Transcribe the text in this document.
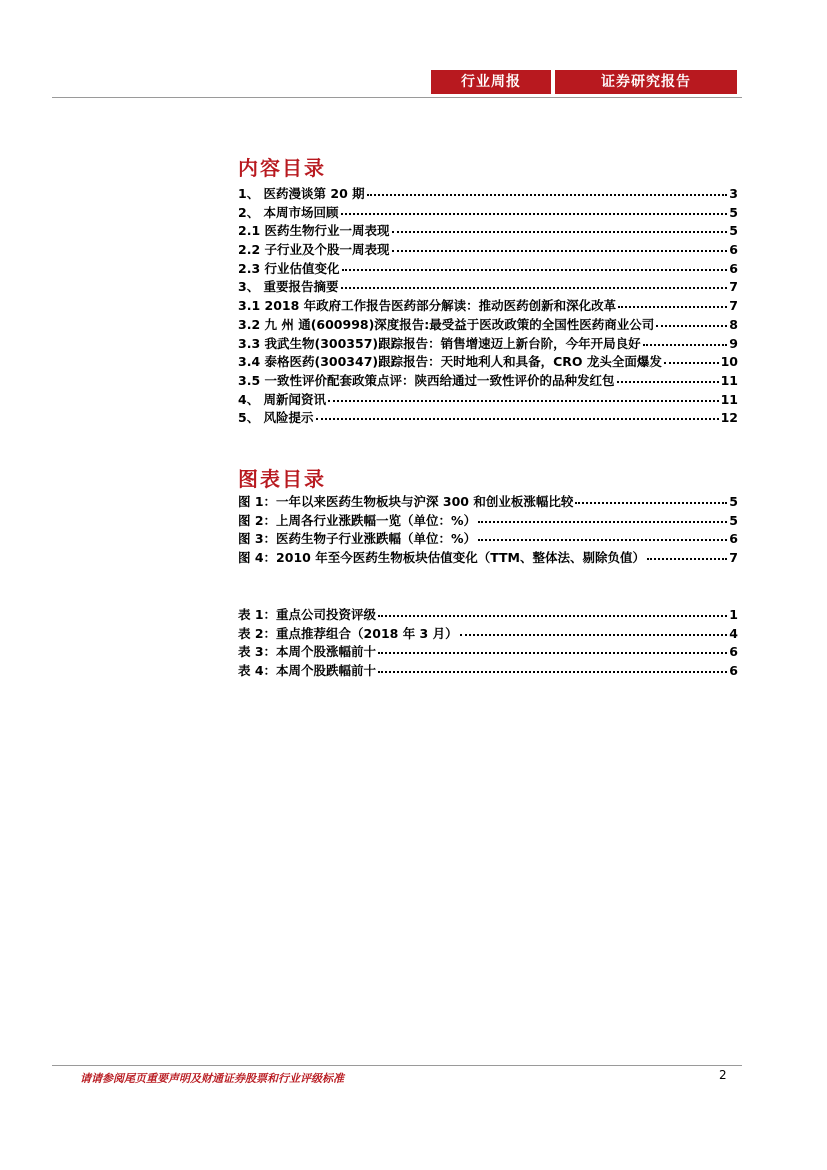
行业周报	证券研究报告
内容目录
1、 医药漫谈第 20 期	3
2、 本周市场回顾	5
2.1 医药生物行业一周表现	5
2.2 子行业及个股一周表现	6
2.3 行业估值变化	6
3、 重要报告摘要	7
3.1 2018 年政府工作报告医药部分解读：推动医药创新和深化改革	7
3.2 九 州 通(600998)深度报告:最受益于医改政策的全国性医药商业公司	8
3.3 我武生物(300357)跟踪报告：销售增速迈上新台阶，今年开局良好	9
3.4 泰格医药(300347)跟踪报告：天时地利人和具备，CRO 龙头全面爆发	10
3.5 一致性评价配套政策点评：陕西给通过一致性评价的品种发红包	11
4、 周新闻资讯	11
5、 风险提示	12
图表目录
图 1：一年以来医药生物板块与沪深 300 和创业板涨幅比较	5
图 2：上周各行业涨跌幅一览（单位：%）	5
图 3：医药生物子行业涨跌幅（单位：%）	6
图 4：2010 年至今医药生物板块估值变化（TTM、整体法、剔除负值）	7
表 1：重点公司投资评级	1
表 2：重点推荐组合（2018 年 3 月）	4
表 3：本周个股涨幅前十	6
表 4：本周个股跌幅前十	6
请请参阅尾页重要声明及财通证券股票和行业评级标准	2
